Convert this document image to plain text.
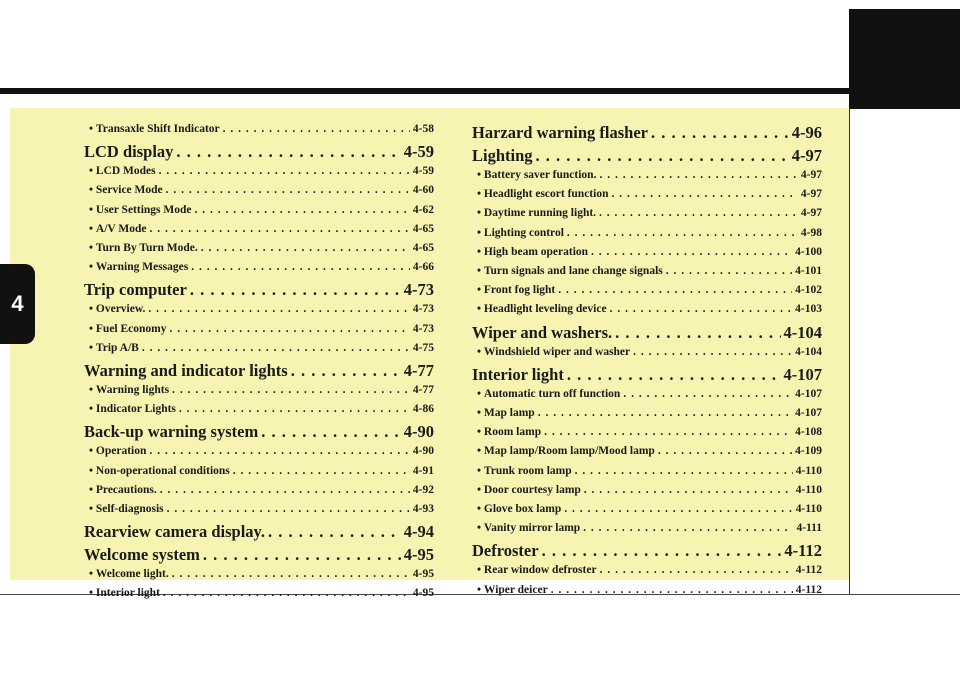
4
• Transaxle Shift Indicator . . .	4-58
LCD display . . .	4-59
• LCD Modes . . .	4-59
• Service Mode . . .	4-60
• User Settings Mode . . .	4-62
• A/V Mode . . .	4-65
• Turn By Turn Mode. . . .	4-65
• Warning Messages . . .	4-66
Trip computer . . .	4-73
• Overview. . . .	4-73
• Fuel Economy . . .	4-73
• Trip A/B . . .	4-75
Warning and indicator lights . . .	4-77
• Warning lights . . .	4-77
• Indicator Lights . . .	4-86
Back-up warning system . . .	4-90
• Operation . . .	4-90
• Non-operational conditions . . .	4-91
• Precautions. . . .	4-92
• Self-diagnosis . . .	4-93
Rearview camera display. . . .	4-94
Welcome system . . .	4-95
• Welcome light. . . .	4-95
• Interior light . . .	4-95
Harzard warning flasher . . .	4-96
Lighting . . .	4-97
• Battery saver function. . . .	4-97
• Headlight escort function . . .	4-97
• Daytime running light. . . .	4-97
• Lighting control . . .	4-98
• High beam operation . . .	4-100
• Turn signals and lane change signals . . .	4-101
• Front fog light . . .	4-102
• Headlight leveling device . . .	4-103
Wiper and washers. . . .	4-104
• Windshield wiper and washer . . .	4-104
Interior light . . .	4-107
• Automatic turn off function . . .	4-107
• Map lamp . . .	4-107
• Room lamp . . .	4-108
• Map lamp/Room lamp/Mood lamp . . .	4-109
• Trunk room lamp . . .	4-110
• Door courtesy lamp . . .	4-110
• Glove box lamp . . .	4-110
• Vanity mirror lamp . . .	4-111
Defroster . . .	4-112
• Rear window defroster . . .	4-112
• Wiper deicer . . .	4-112
